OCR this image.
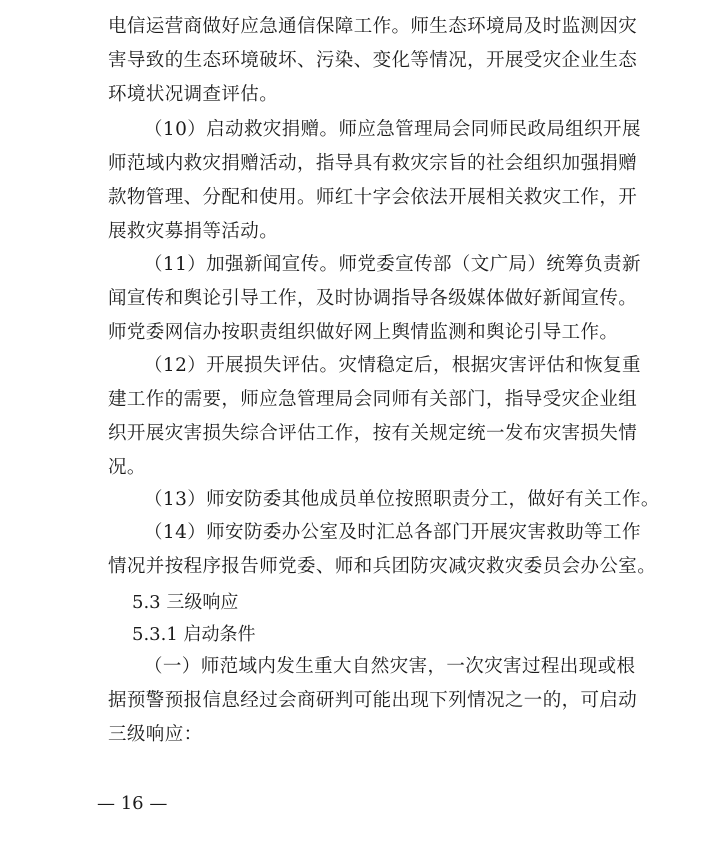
电信运营商做好应急通信保障工作。师生态环境局及时监测因灾
害导致的生态环境破坏、污染、变化等情况，开展受灾企业生态
环境状况调查评估。
（10）启动救灾捐赠。师应急管理局会同师民政局组织开展
师范域内救灾捐赠活动，指导具有救灾宗旨的社会组织加强捐赠
款物管理、分配和使用。师红十字会依法开展相关救灾工作，开
展救灾募捐等活动。
（11）加强新闻宣传。师党委宣传部（文广局）统筹负责新
闻宣传和舆论引导工作，及时协调指导各级媒体做好新闻宣传。
师党委网信办按职责组织做好网上舆情监测和舆论引导工作。
（12）开展损失评估。灾情稳定后，根据灾害评估和恢复重
建工作的需要，师应急管理局会同师有关部门，指导受灾企业组
织开展灾害损失综合评估工作，按有关规定统一发布灾害损失情
况。
（13）师安防委其他成员单位按照职责分工，做好有关工作。
（14）师安防委办公室及时汇总各部门开展灾害救助等工作
情况并按程序报告师党委、师和兵团防灾减灾救灾委员会办公室。
5.3 三级响应
5.3.1 启动条件
（一）师范域内发生重大自然灾害，一次灾害过程出现或根
据预警预报信息经过会商研判可能出现下列情况之一的，可启动
三级响应：
— 16 —
